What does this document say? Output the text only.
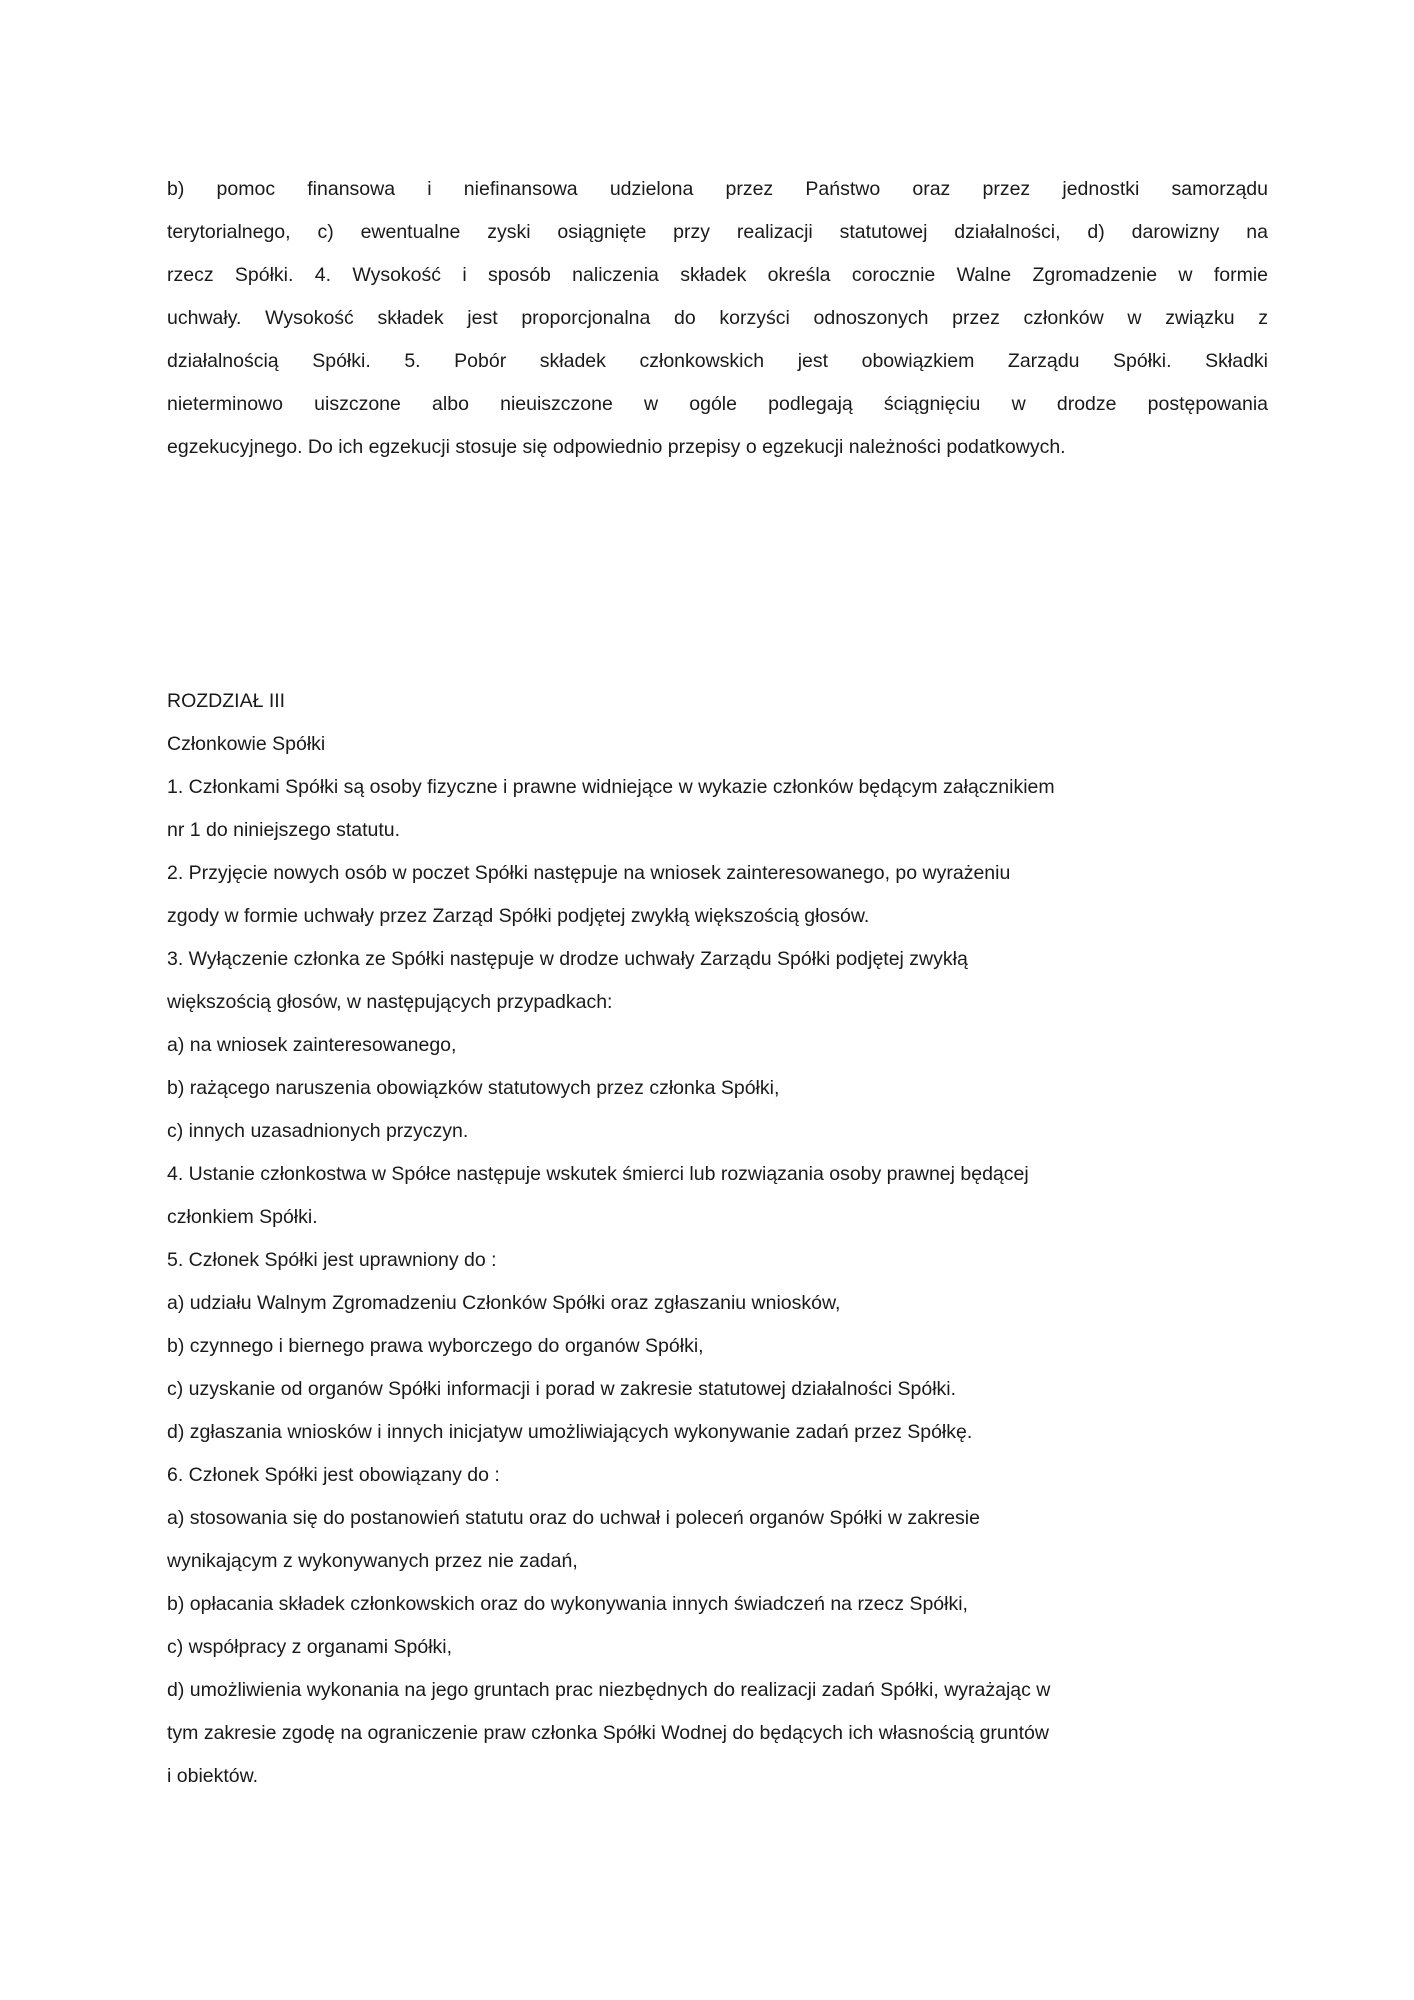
b) pomoc finansowa i niefinansowa udzielona przez Państwo oraz przez jednostki samorządu
terytorialnego, c) ewentualne zyski osiągnięte przy realizacji statutowej działalności, d) darowizny na
rzecz Spółki. 4. Wysokość i sposób naliczenia składek określa corocznie Walne Zgromadzenie w formie
uchwały. Wysokość składek jest proporcjonalna do korzyści odnoszonych przez członków w związku z
działalnością Spółki. 5. Pobór składek członkowskich jest obowiązkiem Zarządu Spółki. Składki
nieterminowo uiszczone albo nieuiszczone w ogóle podlegają ściągnięciu w drodze postępowania
egzekucyjnego. Do ich egzekucji stosuje się odpowiednio przepisy o egzekucji należności podatkowych.
ROZDZIAŁ III
Członkowie Spółki
1. Członkami Spółki są osoby fizyczne i prawne widniejące w wykazie członków będącym załącznikiem
nr 1 do niniejszego statutu.
2. Przyjęcie nowych osób w poczet Spółki następuje na wniosek zainteresowanego, po wyrażeniu
zgody w formie uchwały przez Zarząd Spółki podjętej zwykłą większością głosów.
3. Wyłączenie członka ze Spółki następuje w drodze uchwały Zarządu Spółki podjętej zwykłą
większością głosów, w następujących przypadkach:
a) na wniosek zainteresowanego,
b) rażącego naruszenia obowiązków statutowych przez członka Spółki,
c) innych uzasadnionych przyczyn.
4. Ustanie członkostwa w Spółce następuje wskutek śmierci lub rozwiązania osoby prawnej będącej
członkiem Spółki.
5. Członek Spółki jest uprawniony do :
a) udziału Walnym Zgromadzeniu Członków Spółki oraz zgłaszaniu wniosków,
b) czynnego i biernego prawa wyborczego do organów Spółki,
c) uzyskanie od organów Spółki informacji i porad w zakresie statutowej działalności Spółki.
d) zgłaszania wniosków i innych inicjatyw umożliwiających wykonywanie zadań przez Spółkę.
6. Członek Spółki jest obowiązany do :
a) stosowania się do postanowień statutu oraz do uchwał i poleceń organów Spółki w zakresie
wynikającym z wykonywanych przez nie zadań,
b) opłacania składek członkowskich oraz do wykonywania innych świadczeń na rzecz Spółki,
c) współpracy z organami Spółki,
d) umożliwienia wykonania na jego gruntach prac niezbędnych do realizacji zadań Spółki, wyrażając w
tym zakresie zgodę na ograniczenie praw członka Spółki Wodnej do będących ich własnością gruntów
i obiektów.
